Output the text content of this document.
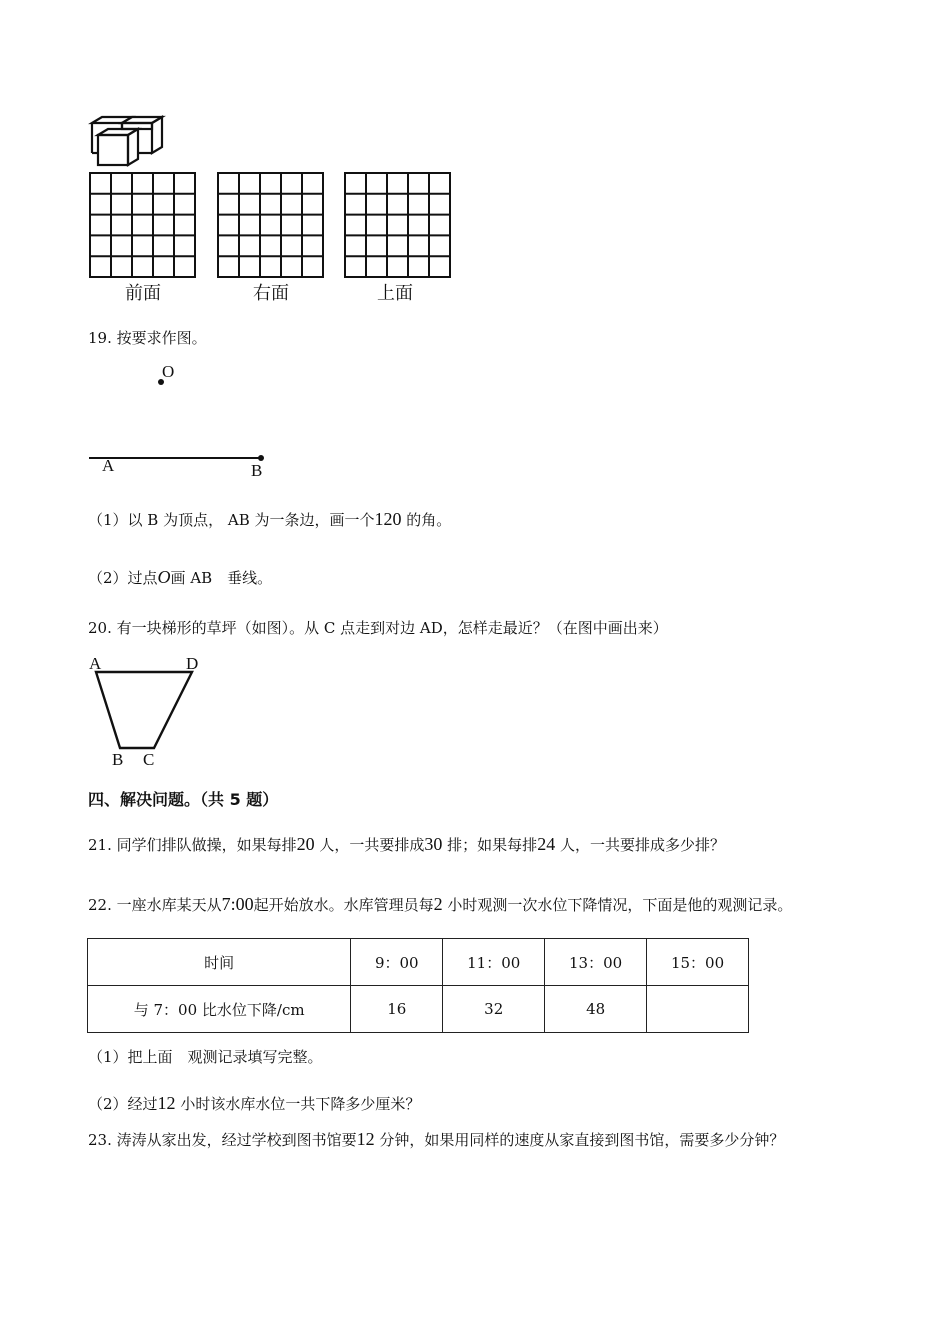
前面	右面	上面
19. 按要求作图。
O
A	B
（1）以 B 为顶点， AB 为一条边，画一个120 的角。
（2）过点O画 AB　垂线。
20. 有一块梯形的草坪（如图）。从 C 点走到对边 AD，怎样走最近？（在图中画出来）
A	D
B C
四、解决问题。（共 5 题）
21. 同学们排队做操，如果每排20 人，一共要排成30 排；如果每排24 人，一共要排成多少排？
22. 一座水库某天从7:00起开始放水。水库管理员每2 小时观测一次水位下降情况，下面是他的观测记录。
时间	9：00	11：00	13：00	15：00
与 7：00 比水位下降/cm	16	32	48	
（1）把上面　观测记录填写完整。
（2）经过12 小时该水库水位一共下降多少厘米？
23. 涛涛从家出发，经过学校到图书馆要12 分钟，如果用同样的速度从家直接到图书馆，需要多少分钟？
